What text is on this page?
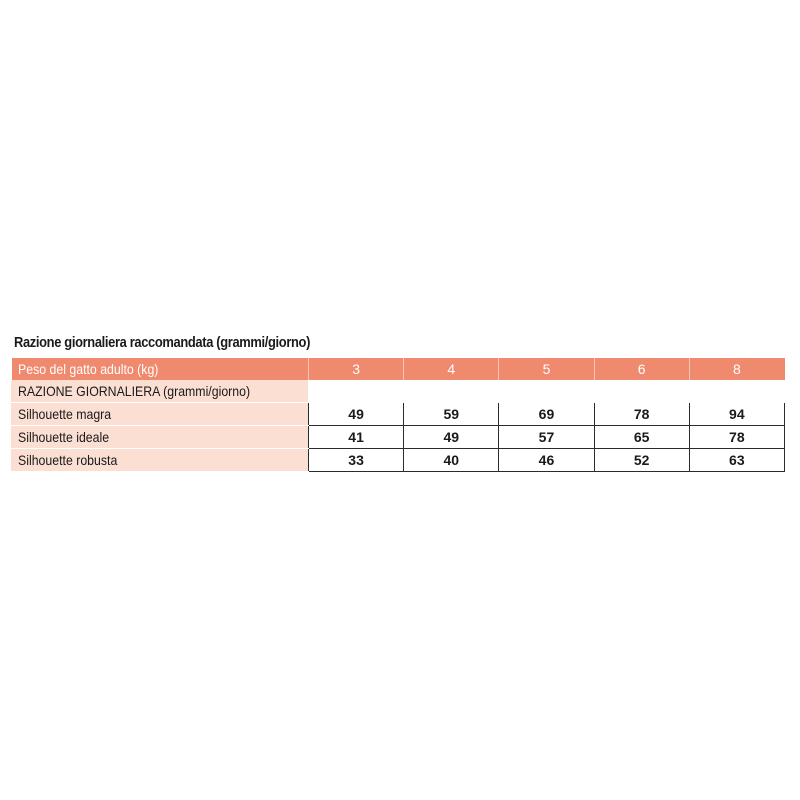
Razione giornaliera raccomandata (grammi/giorno)
Peso del gatto adulto (kg)	3	4	5	6	8
RAZIONE GIORNALIERA (grammi/giorno)					
Silhouette magra	49	59	69	78	94
Silhouette ideale	41	49	57	65	78
Silhouette robusta	33	40	46	52	63
